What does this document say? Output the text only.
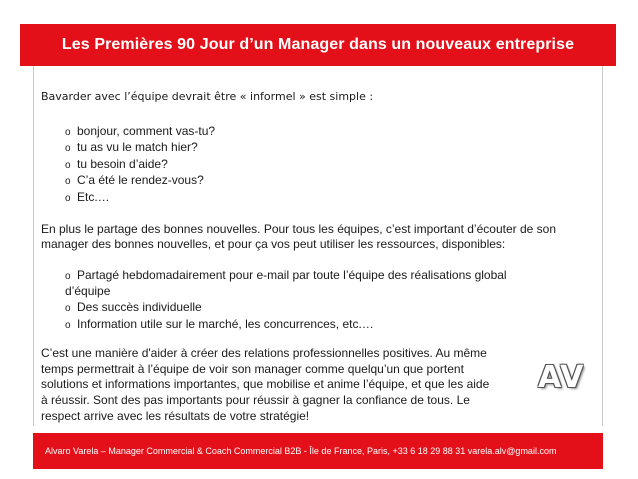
Les Premières 90 Jour d’un Manager dans un nouveaux entreprise

Bavarder avec l’équipe devrait être « informel » est simple :

o bonjour, comment vas-tu?
o tu as vu le match hier?
o tu besoin d’aide?
o C’a été le rendez-vous?
o Etc.…

En plus le partage des bonnes nouvelles. Pour tous les équipes, c’est important d’écouter de son manager des bonnes nouvelles, et pour ça vos peut utiliser les ressources, disponibles:

o Partagé hebdomadairement pour e-mail par toute l’équipe des réalisations global d’équipe
o Des succès individuelle
o Information utile sur le marché, les concurrences, etc.…

C’est une manière d'aider à créer des relations professionnelles positives. Au même temps permettrait à l’équipe de voir son manager comme quelqu’un que portent solutions et informations importantes, que mobilise et anime l’équipe, et que les aide à réussir. Sont des pas importants pour réussir à gagner la confiance de tous. Le respect arrive avec les résultats de votre stratégie!

AV
Alvaro Varela – Manager Commercial & Coach Commercial B2B - Île de France, Paris, +33 6 18 29 88 31 varela.alv@gmail.com
